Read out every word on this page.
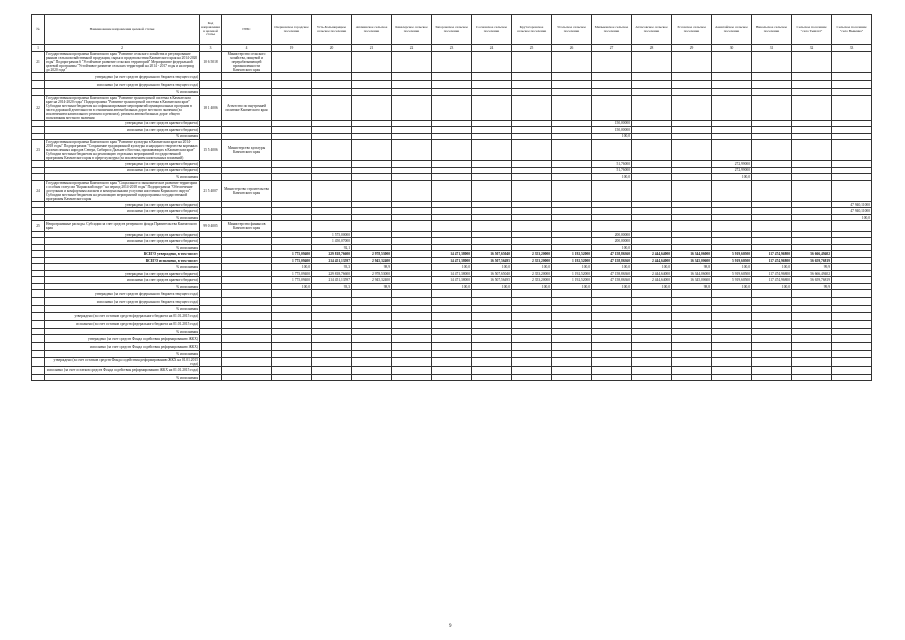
№	Наименование направления целевой статьи	Код направления в целевой статье	ГРБС	Озерновское городское поселение	Усть-Большерецкое сельское поселение	Апачинское сельское поселение	Кавалерское сельское поселение	Запорожское сельское поселение	Сосновское сельское поселение	Крутогоровское сельское поселение	Усольское сельское поселение	Мильковское сельское поселение	Атласовское сельское поселение	Эссовское сельское поселение	Анавгайское сельское поселение	Никольское сельское поселение	Сельское поселение "село Тымлат"	Сельское поселение "село Вывенка"
1	2	3	4	19	20	21	22	23	24	25	26	27	28	29	30	31	32	33
21	Государственная программа Камчатского края "Развитие сельского хозяйства и регулирование рынков сельскохозяйственной продукции, сырья и продовольствия Камчатского края на 2014-2020 годы" Подпрограмма 6 "Устойчивое развитие сельских территорий" Мероприятие федеральной целевой программы "Устойчивое развитие сельских территорий на 2014 - 2017 годы и на период до 2020 года"	10 6 5018	Министерство сельского хозяйства, пищевой и перерабатывающей промышленности Камчатского края															
	утверждено (за счет средств федерального бюджета текущего года)																	
	исполнено (за счет средств федерального бюджета текущего года)																	
	% исполнения																	
22	Государственная программа Камчатского края "Развитие транспортной системы в Камчатском крае на 2014-2020 годы" Подпрограмма "Развитие транспортной системы в Камчатском крае" Субсидии местным бюджетам на софинансирование мероприятий муниципальных программ в части дорожной деятельности в отношении автомобильных дорог местного значения (за исключением капитального ремонта и ремонта), ремонта автомобильных дорог общего пользования местного значения	18 1 4006	Агентство по внутренней политике Камчатского края															
	утверждено (за счет средств краевого бюджета)											150,00000						
	исполнено (за счет средств краевого бюджета)											150,00000						
	% исполнения											100,0						
23	Государственная программа Камчатского края "Развитие культуры в Камчатском крае на 2014-2018 годы" Подпрограмма "Сохранение традиционной культуры и народного творчества коренных малочисленных народов Севера, Сибири и Дальнего Востока, проживающих в Камчатском крае" Субсидии местным бюджетам на реализацию отдельных мероприятий государственной программы Камчатского края в сфере культуры (за исключением капитальных вложений)	15 5 4006	Министерство культуры Камчатского края															
	утверждено (за счет средств краевого бюджета)											51,76000			272,99000			
	исполнено (за счет средств краевого бюджета)											51,76000			272,99000			
	% исполнения											100,0			100,0			
24	Государственная программа Камчатского края "Социальное и экономическое развитие территории с особым статусом "Корякский округ" на период 2014-2018 годы" Подпрограмма "Обеспечение доступным и комфортным жильем и коммунальными услугами населения Корякского округа" Субсидии местным бюджетам на реализацию мероприятий подпрограммы государственной программы Камчатского края	21 5 4007	Министерство строительства Камчатского края															
	утверждено (за счет средств краевого бюджета)																	47 940,11000
	исполнено (за счет средств краевого бюджета)																	47 940,11000
	% исполнения																	100,0
25	Непрограммные расходы. Субсидии за счет средств резервного фонда Правительства Камчатского края	99 0 4005	Министерство финансов Камчатского края															
	утверждено (за счет средств краевого бюджета)				1 575,00000							200,00000						
	исполнено (за счет средств краевого бюджета)				1 450,07000							200,00000						
	% исполнения				92,1							100,0						
	ВСЕГО утверждено, в том числе:			1 775,09400	229 818,76600	2 978,53000		14 471,38000	16 507,65040	2 353,20000	1 192,52000	47 158,86360	2 444,64000	16 344,06000	5 919,60500	117 474,96800	56 666,49402	
	ВСЕГО исполнено, в том числе:			1 775,09400	214 451,13597	2 945,32400		14 471,38000	16 507,56495	2 353,20000	1 192,52000	47 158,86360	2 444,64000	16 345,00600	5 919,60500	117 474,96800	56 659,76819	
	% исполнения			100,0	93,3	98,9		100,0	100,0	100,0	100,0	100,0	100,0	98,8	100,0	100,0	99,9	
	утверждено (за счет средств краевого бюджета)			1 775,09400	229 818,76600	2 978,53000		14 471,38000	16 507,65040	2 353,20000	1 192,52000	47 158,86360	2 444,64000	16 344,06000	5 919,60500	117 474,96800	56 666,49402	
	исполнено (за счет средств краевого бюджета)			1 775,09400	214 451,13597	2 945,32400		14 471,38000	16 507,56495	2 353,20000	1 192,52000	47 158,86360	2 444,64000	16 345,00600	5 919,60500	117 474,96800	56 659,76819	
	% исполнения			100,0	93,3	98,9		100,0	100,0	100,0	100,0	100,0	100,0	98,8	100,0	100,0	99,9	
	утверждено (за счет средств федерального бюджета текущего года)																	
	исполнено (за счет средств федерального бюджета текущего года)																	
	% исполнения																	
	утверждено (за счет остатков средств федерального бюджета на 01.01.2015 года)																	
	исполнено (за счет остатков средств федерального бюджета на 01.01.2015 года)																	
	% исполнения																	
	утверждено (за счет средств Фонда содействия реформированию ЖКХ)																	
	исполнено (за счет средств Фонда содействия реформированию ЖКХ)																	
	% исполнения																	
	утверждено (за счет остатков средств Фонда содействия реформированию ЖКХ на 01.01.2015 года)																	
	исполнено (за счет остатков средств Фонда содействия реформированию ЖКХ на 01.01.2015 года)																	
	% исполнения																	
9
